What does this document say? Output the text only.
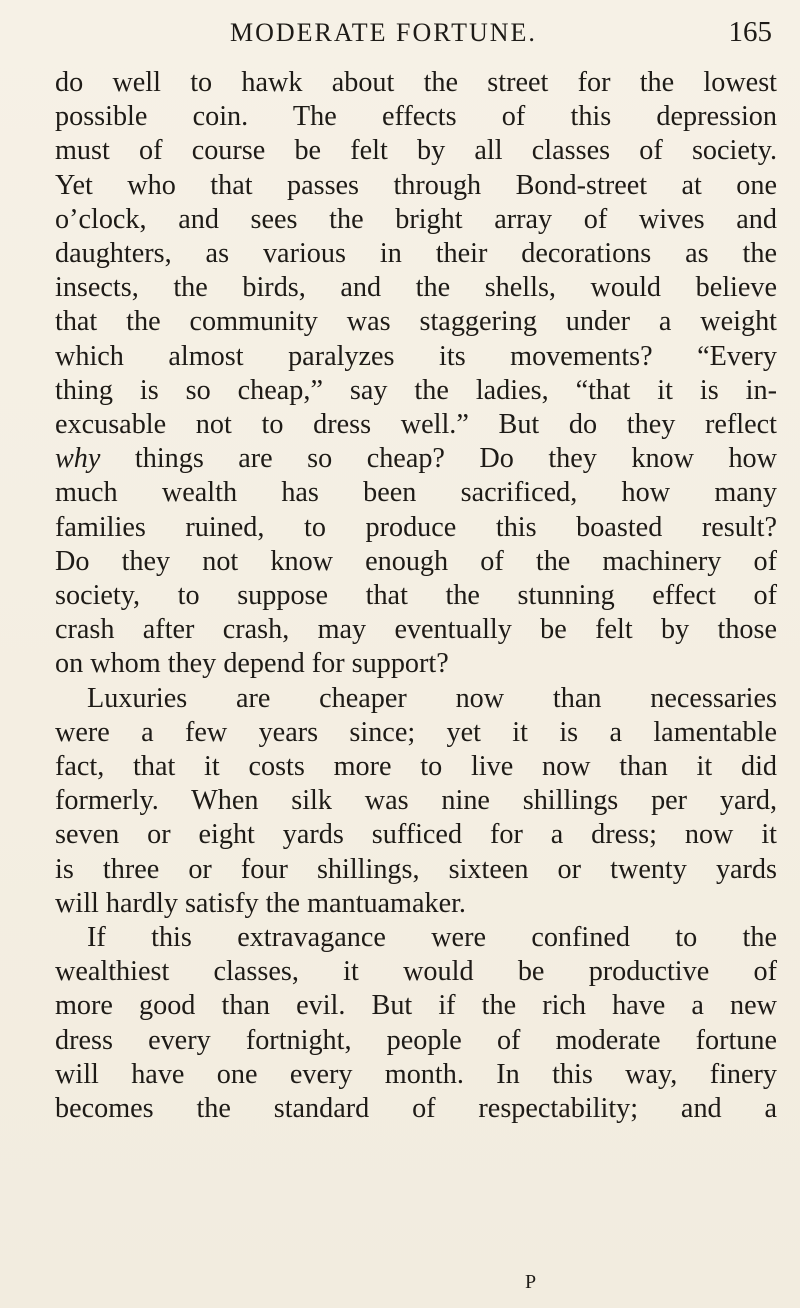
MODERATE FORTUNE.	165
do well to hawk about the street for the lowest
possible coin. The effects of this depression
must of course be felt by all classes of society.
Yet who that passes through Bond-street at one
o’clock, and sees the bright array of wives and
daughters, as various in their decorations as the
insects, the birds, and the shells, would believe
that the community was staggering under a weight
which almost paralyzes its movements? “Every
thing is so cheap,” say the ladies, “that it is in-
excusable not to dress well.” But do they reflect
why things are so cheap? Do they know how
much wealth has been sacrificed, how many
families ruined, to produce this boasted result?
Do they not know enough of the machinery of
society, to suppose that the stunning effect of
crash after crash, may eventually be felt by those
on whom they depend for support?
Luxuries are cheaper now than necessaries
were a few years since; yet it is a lamentable
fact, that it costs more to live now than it did
formerly. When silk was nine shillings per yard,
seven or eight yards sufficed for a dress; now it
is three or four shillings, sixteen or twenty yards
will hardly satisfy the mantuamaker.
If this extravagance were confined to the
wealthiest classes, it would be productive of
more good than evil. But if the rich have a new
dress every fortnight, people of moderate fortune
will have one every month. In this way, finery
becomes the standard of respectability; and a
P
